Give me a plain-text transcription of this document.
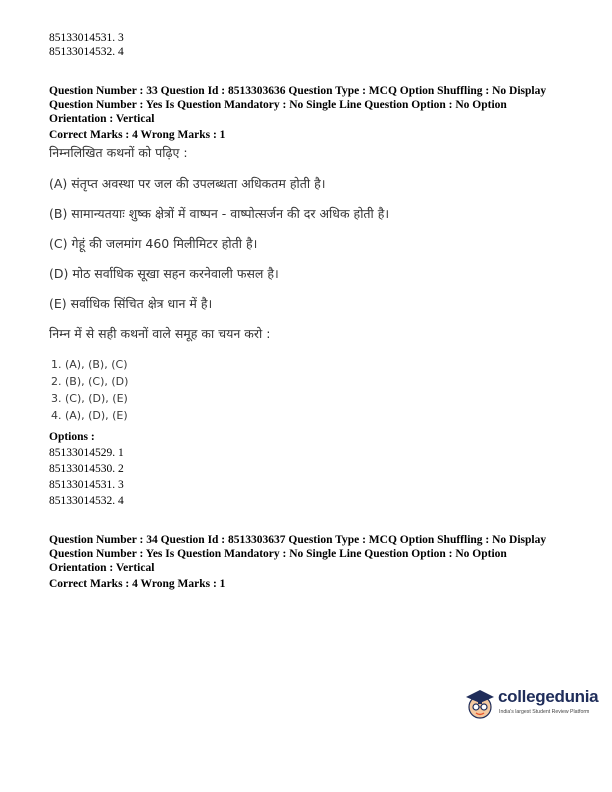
85133014531. 3
85133014532. 4
Question Number : 33 Question Id : 8513303636 Question Type : MCQ Option Shuffling : No Display
Question Number : Yes Is Question Mandatory : No Single Line Question Option : No Option
Orientation : Vertical
Correct Marks : 4 Wrong Marks : 1
निम्नलिखित कथनों को पढ़िए :
(A) संतृप्त अवस्था पर जल की उपलब्धता अधिकतम होती है।
(B) सामान्यतयाः शुष्क क्षेत्रों में वाष्पन - वाष्पोत्सर्जन की दर अधिक होती है।
(C) गेहूं की जलमांग 460 मिलीमिटर होती है।
(D) मोठ सर्वाधिक सूखा सहन करनेवाली फसल है।
(E) सर्वाधिक सिंचित क्षेत्र धान में है।
निम्न में से सही कथनों वाले समूह का चयन करो :
1. (A), (B), (C)
2. (B), (C), (D)
3. (C), (D), (E)
4. (A), (D), (E)
Options :
85133014529. 1
85133014530. 2
85133014531. 3
85133014532. 4
Question Number : 34 Question Id : 8513303637 Question Type : MCQ Option Shuffling : No Display
Question Number : Yes Is Question Mandatory : No Single Line Question Option : No Option
Orientation : Vertical
Correct Marks : 4 Wrong Marks : 1
collegedunia
India's largest Student Review Platform
